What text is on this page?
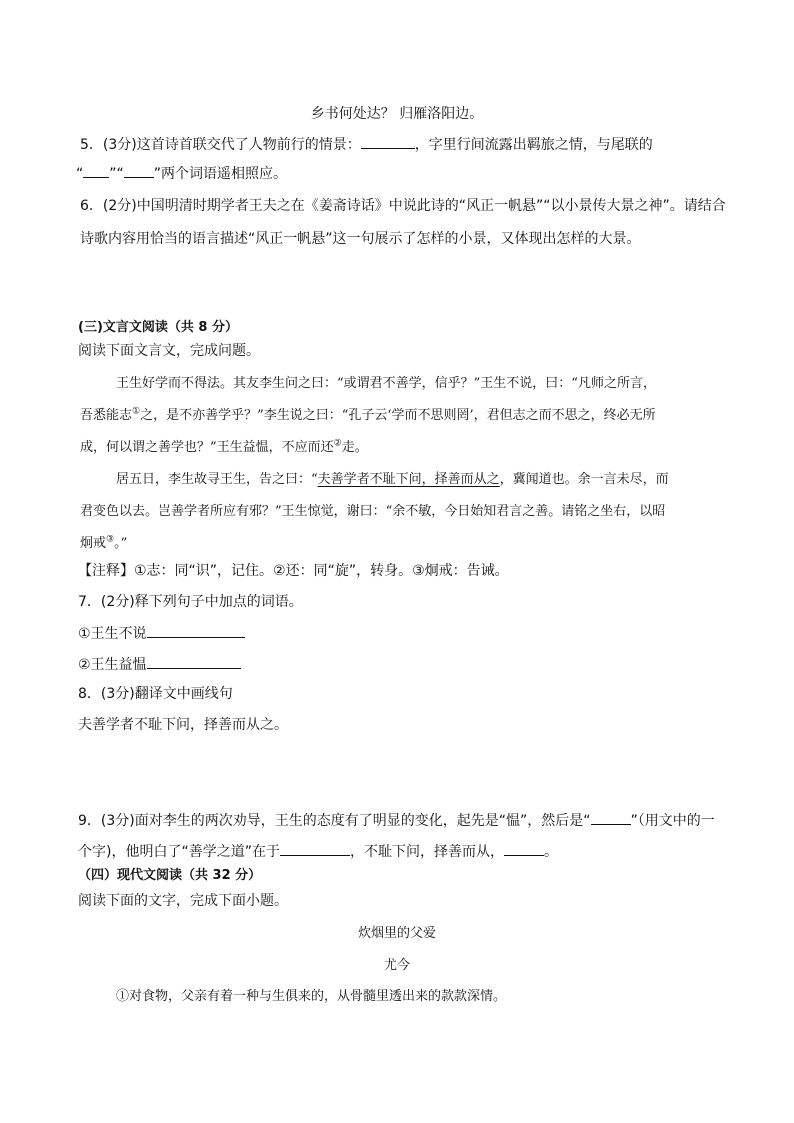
乡书何处达？ 归雁洛阳边。
5．(3分)这首诗首联交代了人物前行的情景：	，字里行间流露出羁旅之情，与尾联的
“ ”“ ”两个词语遥相照应。
6．(2分)中国明清时期学者王夫之在《姜斋诗话》中说此诗的“风正一帆悬”“以小景传大景之神”。请结合
诗歌内容用恰当的语言描述“风正一帆悬”这一句展示了怎样的小景，又体现出怎样的大景。
(三)文言文阅读（共 8 分）
阅读下面文言文，完成问题。
王生好学而不得法。其友李生问之曰：“或谓君不善学，信乎？”王生不说，曰：“凡师之所言，
吾悉能志①之，是不亦善学乎？”李生说之曰：“孔子云‘学而不思则罔’，君但志之而不思之，终必无所
成，何以谓之善学也？”王生益愠，不应而还②走。
居五日，李生故寻王生，告之曰：“夫善学者不耻下问，择善而从之，冀闻道也。余一言未尽，而
君变色以去。岂善学者所应有邪？”王生惊觉，谢曰：“余不敏，今日始知君言之善。请铭之坐右，以昭
炯戒③。”
【注释】①志：同“识”，记住。②还：同“旋”，转身。③炯戒：告诫。
7．(2分)释下列句子中加点的词语。
①王生不说
②王生益愠
8．(3分)翻译文中画线句
夫善学者不耻下问，择善而从之。
9．(3分)面对李生的两次劝导，王生的态度有了明显的变化，起先是“愠”，然后是“	”（用文中的一
个字)，他明白了“善学之道”在于	，不耻下问，择善而从，	。
（四）现代文阅读（共 32 分）
阅读下面的文字，完成下面小题。
炊烟里的父爱
尤今
①对食物，父亲有着一种与生俱来的，从骨髓里透出来的款款深情。
